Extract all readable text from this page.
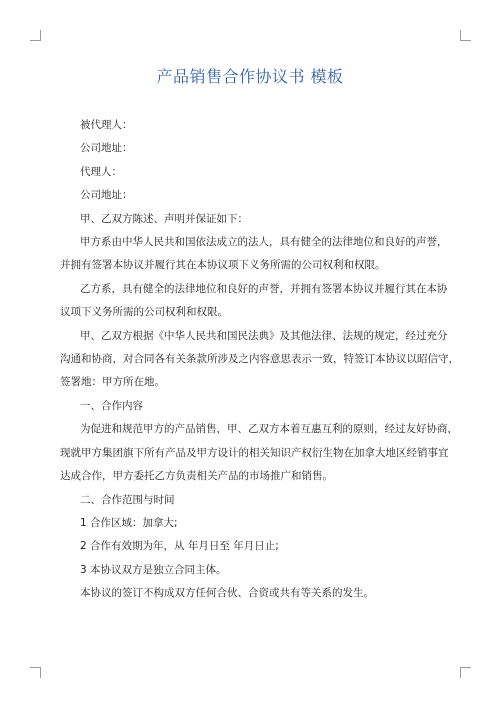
产品销售合作协议书 模板

被代理人：

公司地址：

代理人：

公司地址：

甲、乙双方陈述、声明并保证如下：

甲方系由中华人民共和国依法成立的法人，具有健全的法律地位和良好的声誉，

并拥有签署本协议并履行其在本协议项下义务所需的公司权利和权限。

乙方系，具有健全的法律地位和良好的声誉，并拥有签署本协议并履行其在本协

议项下义务所需的公司权利和权限。

甲、乙双方根据《中华人民共和国民法典》及其他法律、法规的规定，经过充分

沟通和协商，对合同各有关条款所涉及之内容意思表示一致，特签订本协议以昭信守，

签署地：甲方所在地。

一、合作内容

为促进和规范甲方的产品销售，甲、乙双方本着互惠互利的原则，经过友好协商，

现就甲方集团旗下所有产品及甲方设计的相关知识产权衍生物在加拿大地区经销事宜

达成合作，甲方委托乙方负责相关产品的市场推广和销售。

二、合作范围与时间

1 合作区域：加拿大;

2 合作有效期为年，从 年月日至 年月日止;

3 本协议双方是独立合同主体。

本协议的签订不构成双方任何合伙、合资或共有等关系的发生。
